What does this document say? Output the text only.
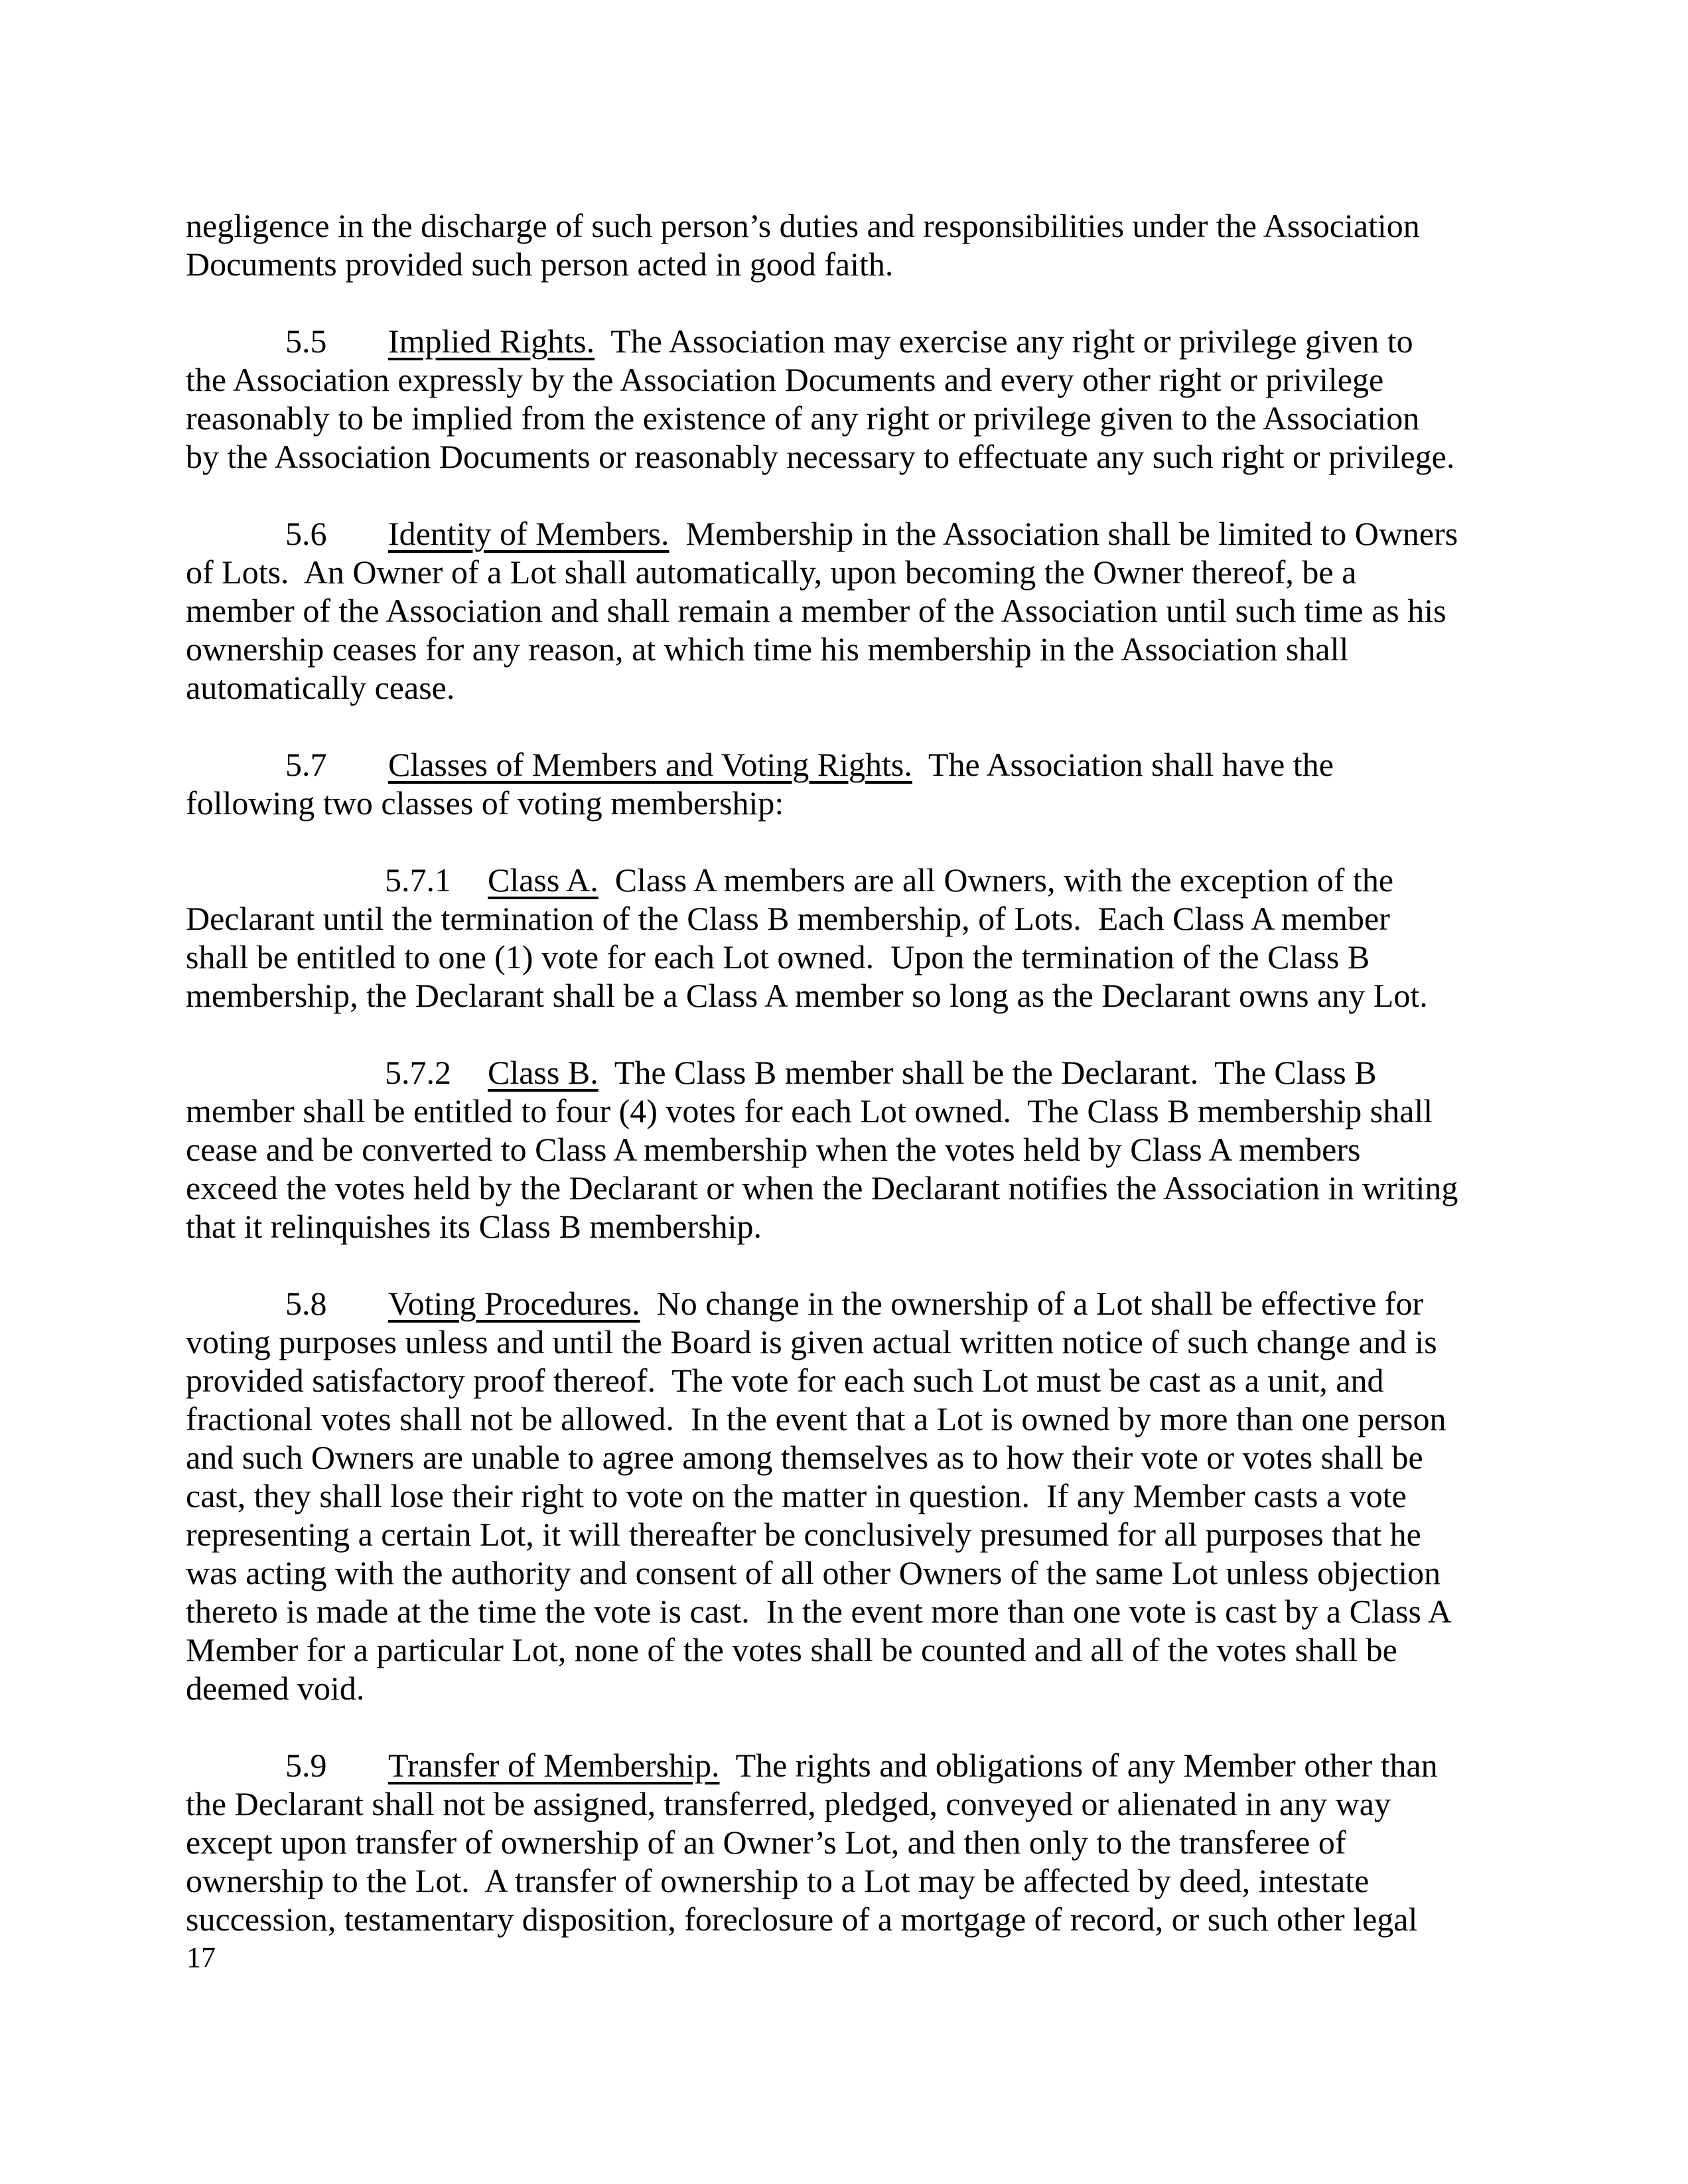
negligence in the discharge of such person’s duties and responsibilities under the Association Documents provided such person acted in good faith.

5.5 Implied Rights.  The Association may exercise any right or privilege given to the Association expressly by the Association Documents and every other right or privilege reasonably to be implied from the existence of any right or privilege given to the Association by the Association Documents or reasonably necessary to effectuate any such right or privilege.

5.6 Identity of Members.  Membership in the Association shall be limited to Owners of Lots.  An Owner of a Lot shall automatically, upon becoming the Owner thereof, be a member of the Association and shall remain a member of the Association until such time as his ownership ceases for any reason, at which time his membership in the Association shall automatically cease.

5.7 Classes of Members and Voting Rights.  The Association shall have the following two classes of voting membership:

5.7.1 Class A.  Class A members are all Owners, with the exception of the Declarant until the termination of the Class B membership, of Lots.  Each Class A member shall be entitled to one (1) vote for each Lot owned.  Upon the termination of the Class B membership, the Declarant shall be a Class A member so long as the Declarant owns any Lot.

5.7.2 Class B.  The Class B member shall be the Declarant.  The Class B member shall be entitled to four (4) votes for each Lot owned.  The Class B membership shall cease and be converted to Class A membership when the votes held by Class A members exceed the votes held by the Declarant or when the Declarant notifies the Association in writing that it relinquishes its Class B membership.

5.8 Voting Procedures.  No change in the ownership of a Lot shall be effective for voting purposes unless and until the Board is given actual written notice of such change and is provided satisfactory proof thereof.  The vote for each such Lot must be cast as a unit, and fractional votes shall not be allowed.  In the event that a Lot is owned by more than one person and such Owners are unable to agree among themselves as to how their vote or votes shall be cast, they shall lose their right to vote on the matter in question.  If any Member casts a vote representing a certain Lot, it will thereafter be conclusively presumed for all purposes that he was acting with the authority and consent of all other Owners of the same Lot unless objection thereto is made at the time the vote is cast.  In the event more than one vote is cast by a Class A Member for a particular Lot, none of the votes shall be counted and all of the votes shall be deemed void.

5.9 Transfer of Membership.  The rights and obligations of any Member other than the Declarant shall not be assigned, transferred, pledged, conveyed or alienated in any way except upon transfer of ownership of an Owner’s Lot, and then only to the transferee of ownership to the Lot.  A transfer of ownership to a Lot may be affected by deed, intestate succession, testamentary disposition, foreclosure of a mortgage of record, or such other legal

17
